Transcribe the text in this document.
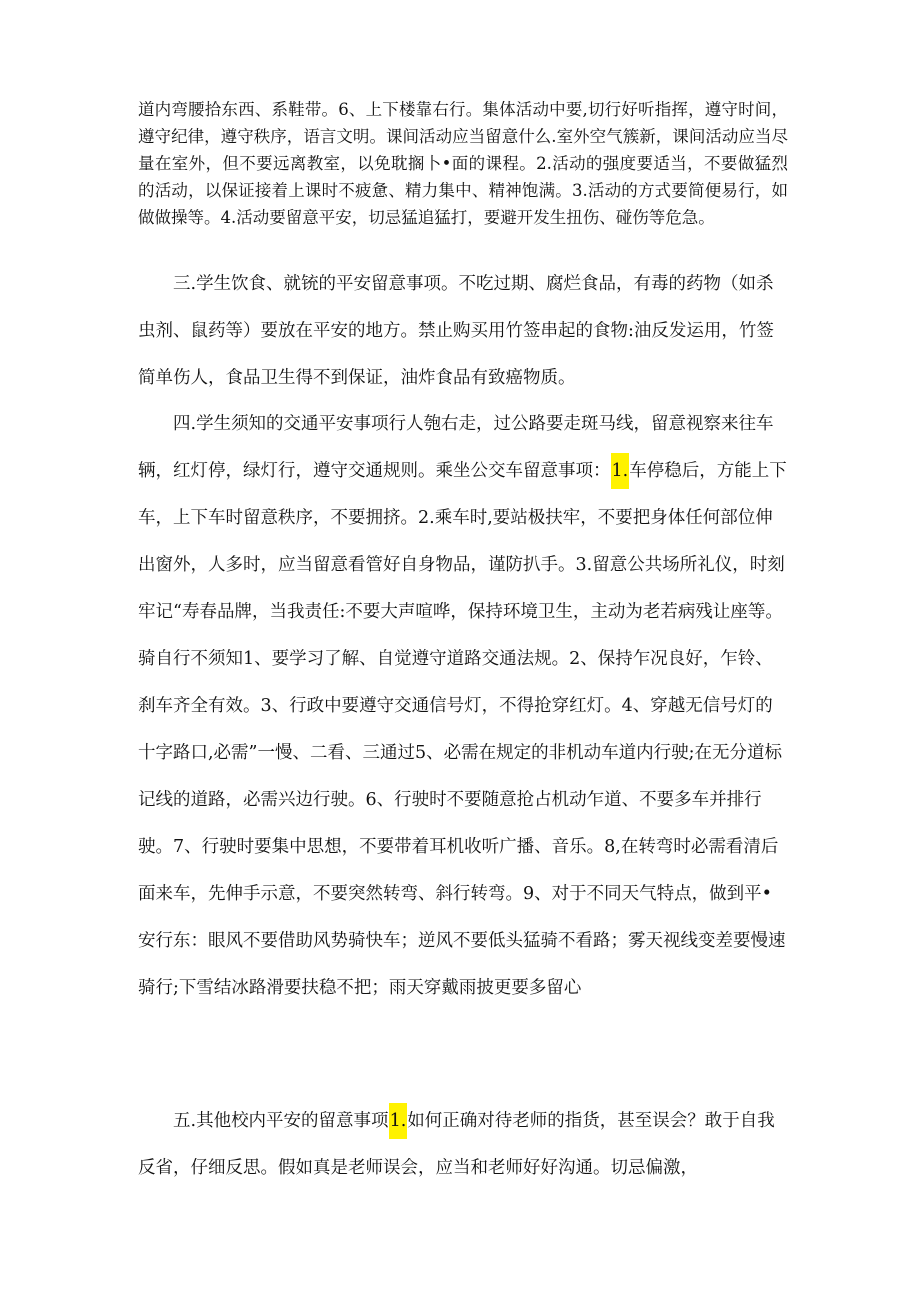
道内弯腰拾东西、系鞋带。6、上下楼靠右行。集体活动中要,切行好听指挥，遵守时间，遵守纪律，遵守秩序，语言文明。课间活动应当留意什么.室外空气簇新，课间活动应当尽量在室外，但不要远离教室，以免耽搁卜•面的课程。2.活动的强度要适当，不要做猛烈的活动，以保证接着上课时不疲惫、精力集中、精神饱满。3.活动的方式要简便易行，如做做操等。4.活动要留意平安，切忌猛追猛打，要避开发生扭伤、碰伤等危急。

三.学生饮食、就铳的平安留意事项。不吃过期、腐烂食品，有毒的药物（如杀虫剂、鼠药等）要放在平安的地方。禁止购买用竹签串起的食物:油反发运用，竹签简单伤人，食品卫生得不到保证，油炸食品有致癌物质。

四.学生须知的交通平安事项行人匏右走，过公路要走斑马线，留意视察来往车辆，红灯停，绿灯行，遵守交通规则。乘坐公交车留意事项：1.车停稳后，方能上下车，上下车时留意秩序，不要拥挤。2.乘车时,要站极扶牢，不要把身体任何部位伸出窗外，人多时，应当留意看管好自身物品，谨防扒手。3.留意公共场所礼仪，时刻牢记“寿春品牌，当我责任:不要大声喧哗，保持环境卫生，主动为老若病残让座等。骑自行不须知1、要学习了解、自觉遵守道路交通法规。2、保持乍况良好，乍铃、刹车齐全有效。3、行政中要遵守交通信号灯，不得抢穿红灯。4、穿越无信号灯的十字路口,必需”一慢、二看、三通过5、必需在规定的非机动车道内行驶;在无分道标记线的道路，必需兴边行驶。6、行驶时不要随意抢占机动乍道、不要多车并排行驶。7、行驶时要集中思想，不要带着耳机收听广播、音乐。8,在转弯时必需看清后面来车，先伸手示意，不要突然转弯、斜行转弯。9、对于不同天气特点，做到平•安行东：眼风不要借助风势骑快车；逆风不要低头猛骑不看路；雾天视线变差要慢速骑行;下雪结冰路滑要扶稳不把；雨天穿戴雨披更要多留心

五.其他校内平安的留意事项1.如何正确对待老师的指货，甚至误会？敢于自我反省，仔细反思。假如真是老师误会，应当和老师好好沟通。切忌偏激，
